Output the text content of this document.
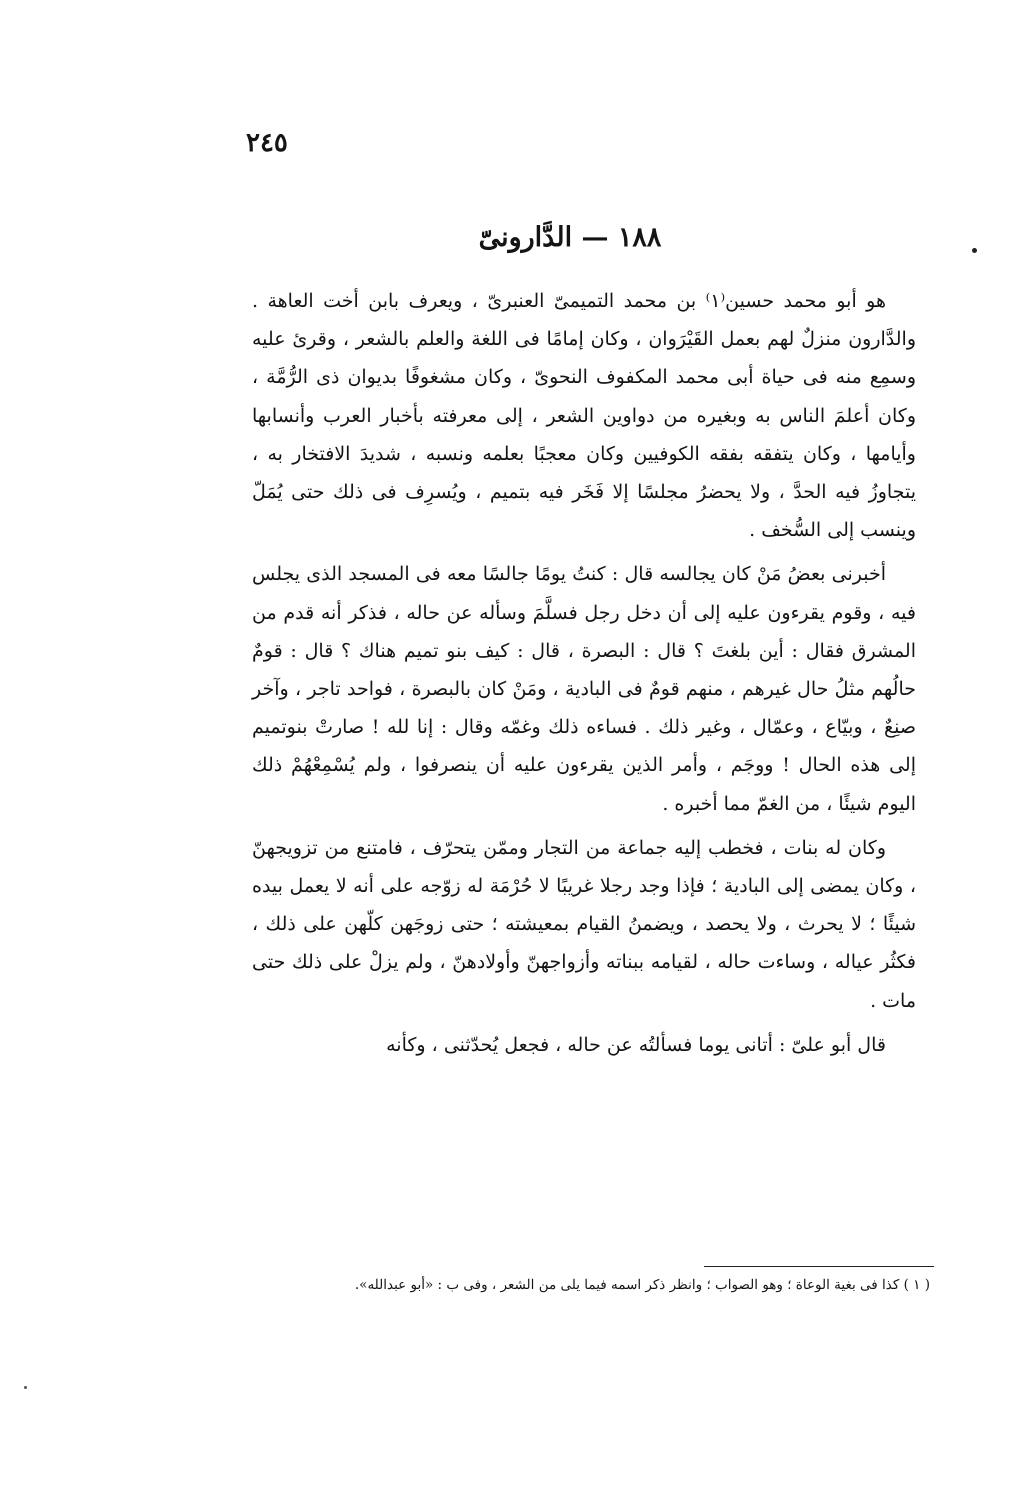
٢٤٥
١٨٨ — الدَّارونىّ

هو أبو محمد حسين⁽١⁾ بن محمد التميمىّ العنبرىّ ، ويعرف بابن أخت العاهة . والدَّارون منزلٌ لهم بعمل القَيْرَوان ، وكان إمامًا فى اللغة والعلم بالشعر ، وقرئ عليه وسمِع منه فى حياة أبى محمد المكفوف النحوىّ ، وكان مشغوفًا بديوان ذى الرُّمَّة ، وكان أعلمَ الناس به وبغيره من دواوين الشعر ، إلى معرفته بأخبار العرب وأنسابها وأيامها ، وكان يتفقه بفقه الكوفيين وكان معجبًا بعلمه ونسبه ، شديدَ الافتخار به ، يتجاوزُ فيه الحدَّ ، ولا يحضرُ مجلسًا إلا فَخَر فيه بتميم ، ويُسرِف فى ذلك حتى يُمَلّ وينسب إلى السُّخف .

أخبرنى بعضُ مَنْ كان يجالسه قال : كنتُ يومًا جالسًا معه فى المسجد الذى يجلس فيه ، وقوم يقرءون عليه إلى أن دخل رجل فسلَّمَ وسأله عن حاله ، فذكر أنه قدم من المشرق فقال : أين بلغتَ ؟ قال : البصرة ، قال : كيف بنو تميم هناك ؟ قال : قومٌ حالُهم مثلُ حال غيرهم ، منهم قومٌ فى البادية ، ومَنْ كان بالبصرة ، فواحد تاجر ، وآخر صنِعٌ ، وبيّاع ، وعمّال ، وغير ذلك . فساءه ذلك وغمّه وقال : إنا لله ! صارتْ بنوتميم إلى هذه الحال ! ووجَم ، وأمر الذين يقرءون عليه أن ينصرفوا ، ولم يُسْمِعْهُمْ ذلك اليوم شيئًا ، من الغمّ مما أخبره .

وكان له بنات ، فخطب إليه جماعة من التجار وممّن يتحرّف ، فامتنع من تزويجهنّ ، وكان يمضى إلى البادية ؛ فإذا وجد رجلا غريبًا لا حُرْمَة له زوّجه على أنه لا يعمل بيده شيئًا ؛ لا يحرث ، ولا يحصد ، ويضمنُ القيام بمعيشته ؛ حتى زوجَهن كلّهن على ذلك ، فكثُر عياله ، وساءت حاله ، لقيامه ببناته وأزواجهنّ وأولادهنّ ، ولم يزلْ على ذلك حتى مات .

قال أبو علىّ : أتانى يوما فسألتُه عن حاله ، فجعل يُحدّثنى ، وكأنه

( ١ ) كذا فى بغية الوعاة ؛ وهو الصواب ؛ وانظر ذكر اسمه فيما يلى من الشعر ، وفى ب : «أبو عبدالله».
